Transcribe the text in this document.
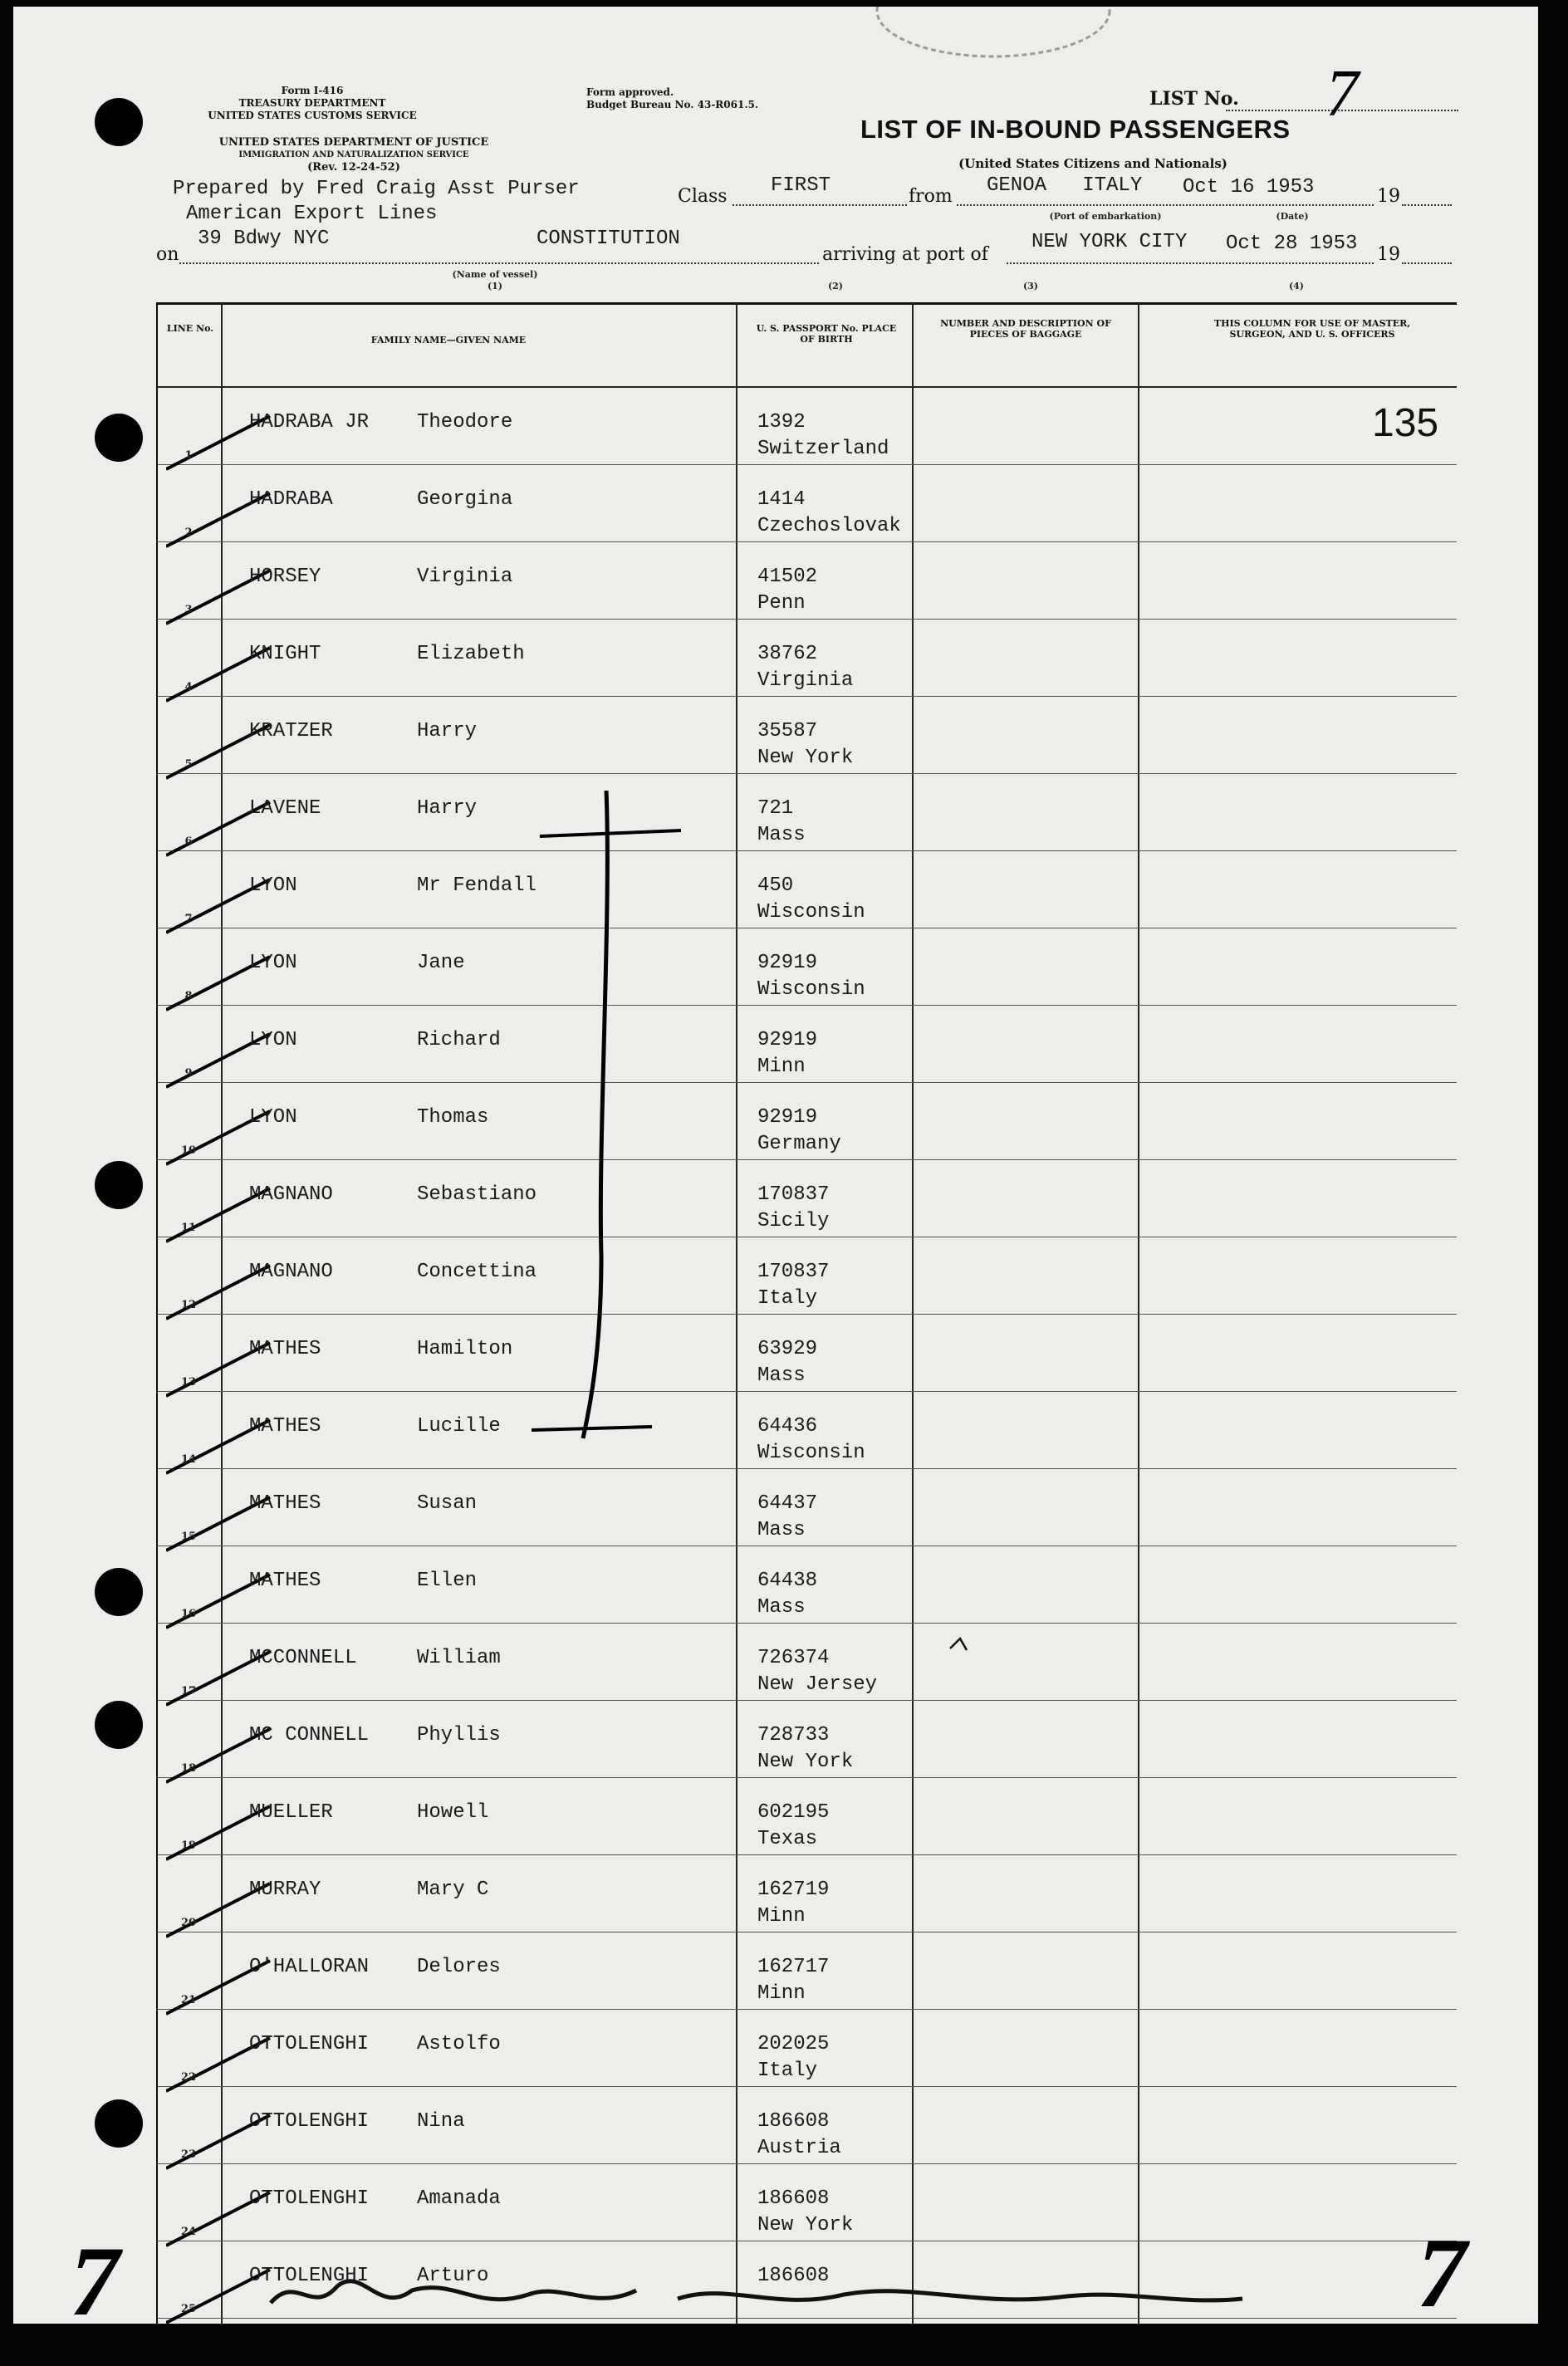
Form I-416
TREASURY DEPARTMENT
UNITED STATES CUSTOMS SERVICE
UNITED STATES DEPARTMENT OF JUSTICE
IMMIGRATION AND NATURALIZATION SERVICE
(Rev. 12-24-52)
Form approved.
Budget Bureau No. 43-R061.5.	LIST No. 7
LIST OF IN-BOUND PASSENGERS
(United States Citizens and Nationals)
Prepared by Fred Craig Asst Purser
American Export Lines
39 Bdwy NYC
on
CONSTITUTION
(Name of vessel)
(1)
Class FIRST	from GENOA   ITALY Oct 16 1953
(Port of embarkation)	(Date)
19
arriving at port of
NEW YORK CITY Oct 28 1953 19
(2)	(3)	(4)
LINE No.
FAMILY NAME—GIVEN NAME
U. S. PASSPORT No. PLACE OF BIRTH
NUMBER AND DESCRIPTION OF PIECES OF BAGGAGE
THIS COLUMN FOR USE OF MASTER, SURGEON, AND U. S. OFFICERS
1
HADRABA JR Theodore	1392
Switzerland
2
HADRABA	Georgina	1414
Czechoslovak
3
HORSEY	Virginia	41502
Penn
4
KNIGHT	Elizabeth	38762
Virginia
5
KRATZER	Harry	35587
New York
6
LAVENE	Harry	721
Mass
7
LYON	Mr Fendall	450
Wisconsin
8
LYON	Jane	92919
Wisconsin
9
LYON	Richard	92919
Minn
10
LYON	Thomas	92919
Germany
11
MAGNANO	Sebastiano	170837
Sicily
12
MAGNANO	Concettina	170837
Italy
13
MATHES	Hamilton	63929
Mass
14
MATHES	Lucille	64436
Wisconsin
15
MATHES	Susan	64437
Mass
16
MATHES	Ellen	64438
Mass
17
MCCONNELL	William	726374
New Jersey
18
MC CONNELL Phyllis	728733
New York
19
MUELLER	Howell	602195
Texas
20
MURRAY	Mary C	162719
Minn
21
O'HALLORAN Delores	162717
Minn
22
OTTOLENGHI Astolfo	202025
Italy
23
OTTOLENGHI Nina	186608
Austria
24
OTTOLENGHI Amanada	186608
New York
25
OTTOLENGHI Arturo	186608
135
7	7
